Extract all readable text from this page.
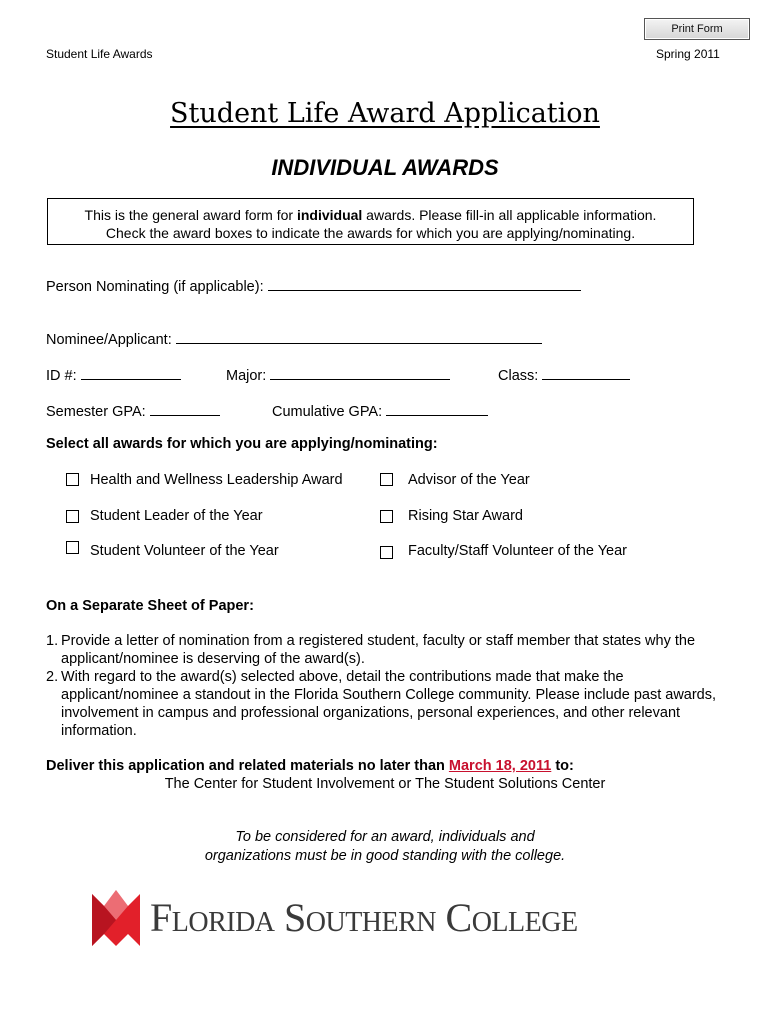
Print Form
Student Life Awards	Spring 2011
Student Life Award Application
INDIVIDUAL AWARDS
This is the general award form for individual awards. Please fill-in all applicable information.
Check the award boxes to indicate the awards for which you are applying/nominating.
Person Nominating (if applicable):
Nominee/Applicant:
ID #:	Major:	Class:
Semester GPA:	Cumulative GPA:
Select all awards for which you are applying/nominating:
Health and Wellness Leadership Award	Advisor of the Year
Student Leader of the Year	Rising Star Award
Student Volunteer of the Year	Faculty/Staff Volunteer of the Year
On a Separate Sheet of Paper:
1. Provide a letter of nomination from a registered student, faculty or staff member that states why the applicant/nominee is deserving of the award(s).
2. With regard to the award(s) selected above, detail the contributions made that make the applicant/nominee a standout in the Florida Southern College community. Please include past awards, involvement in campus and professional organizations, personal experiences, and other relevant information.
Deliver this application and related materials no later than March 18, 2011 to:
The Center for Student Involvement or The Student Solutions Center
To be considered for an award, individuals and
organizations must be in good standing with the college.
Florida Southern College
